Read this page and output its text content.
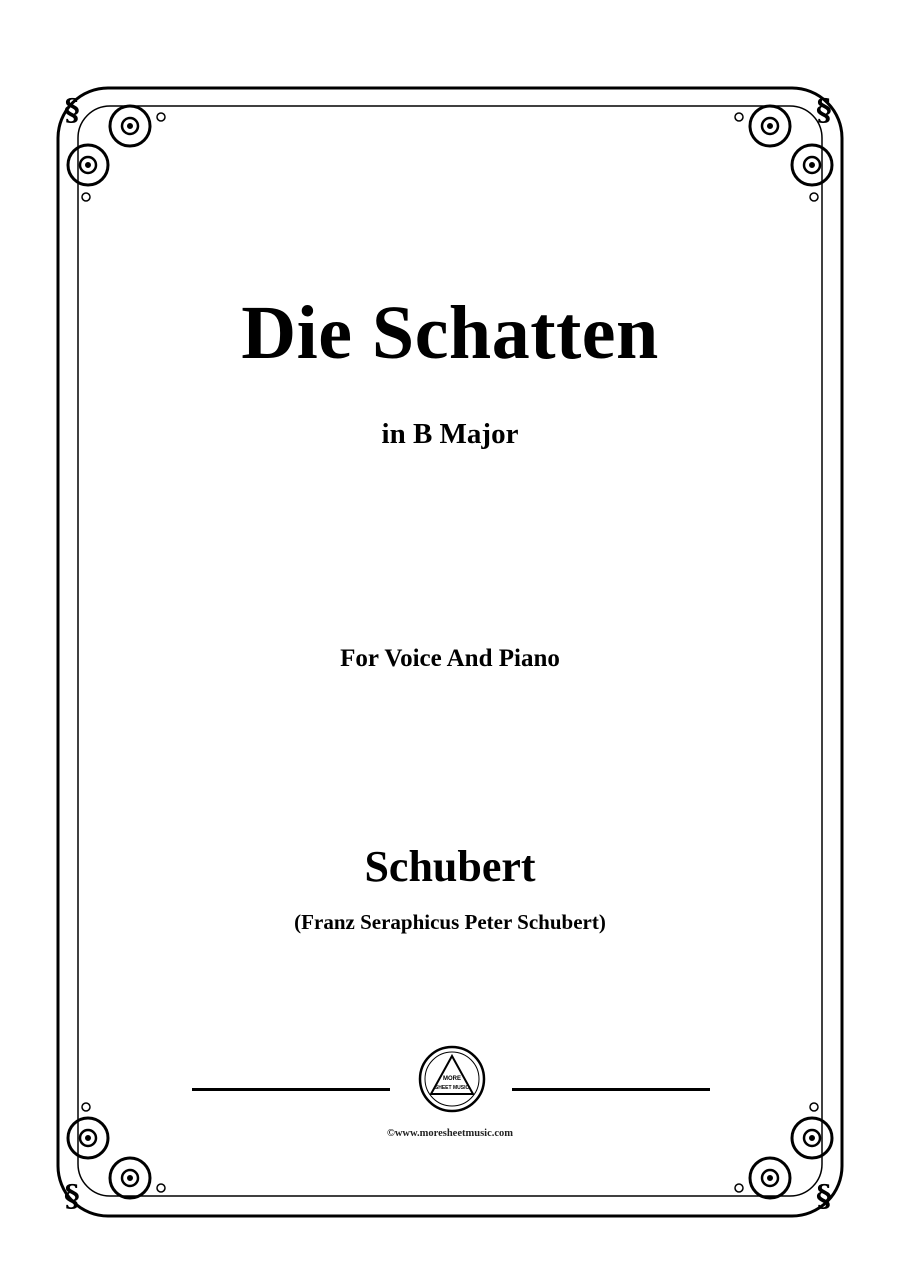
§	§
§	§
Die Schatten
in B Major
For Voice And Piano
Schubert
(Franz Seraphicus Peter Schubert)
MORE
SHEET MUSIC
©www.moresheetmusic.com
